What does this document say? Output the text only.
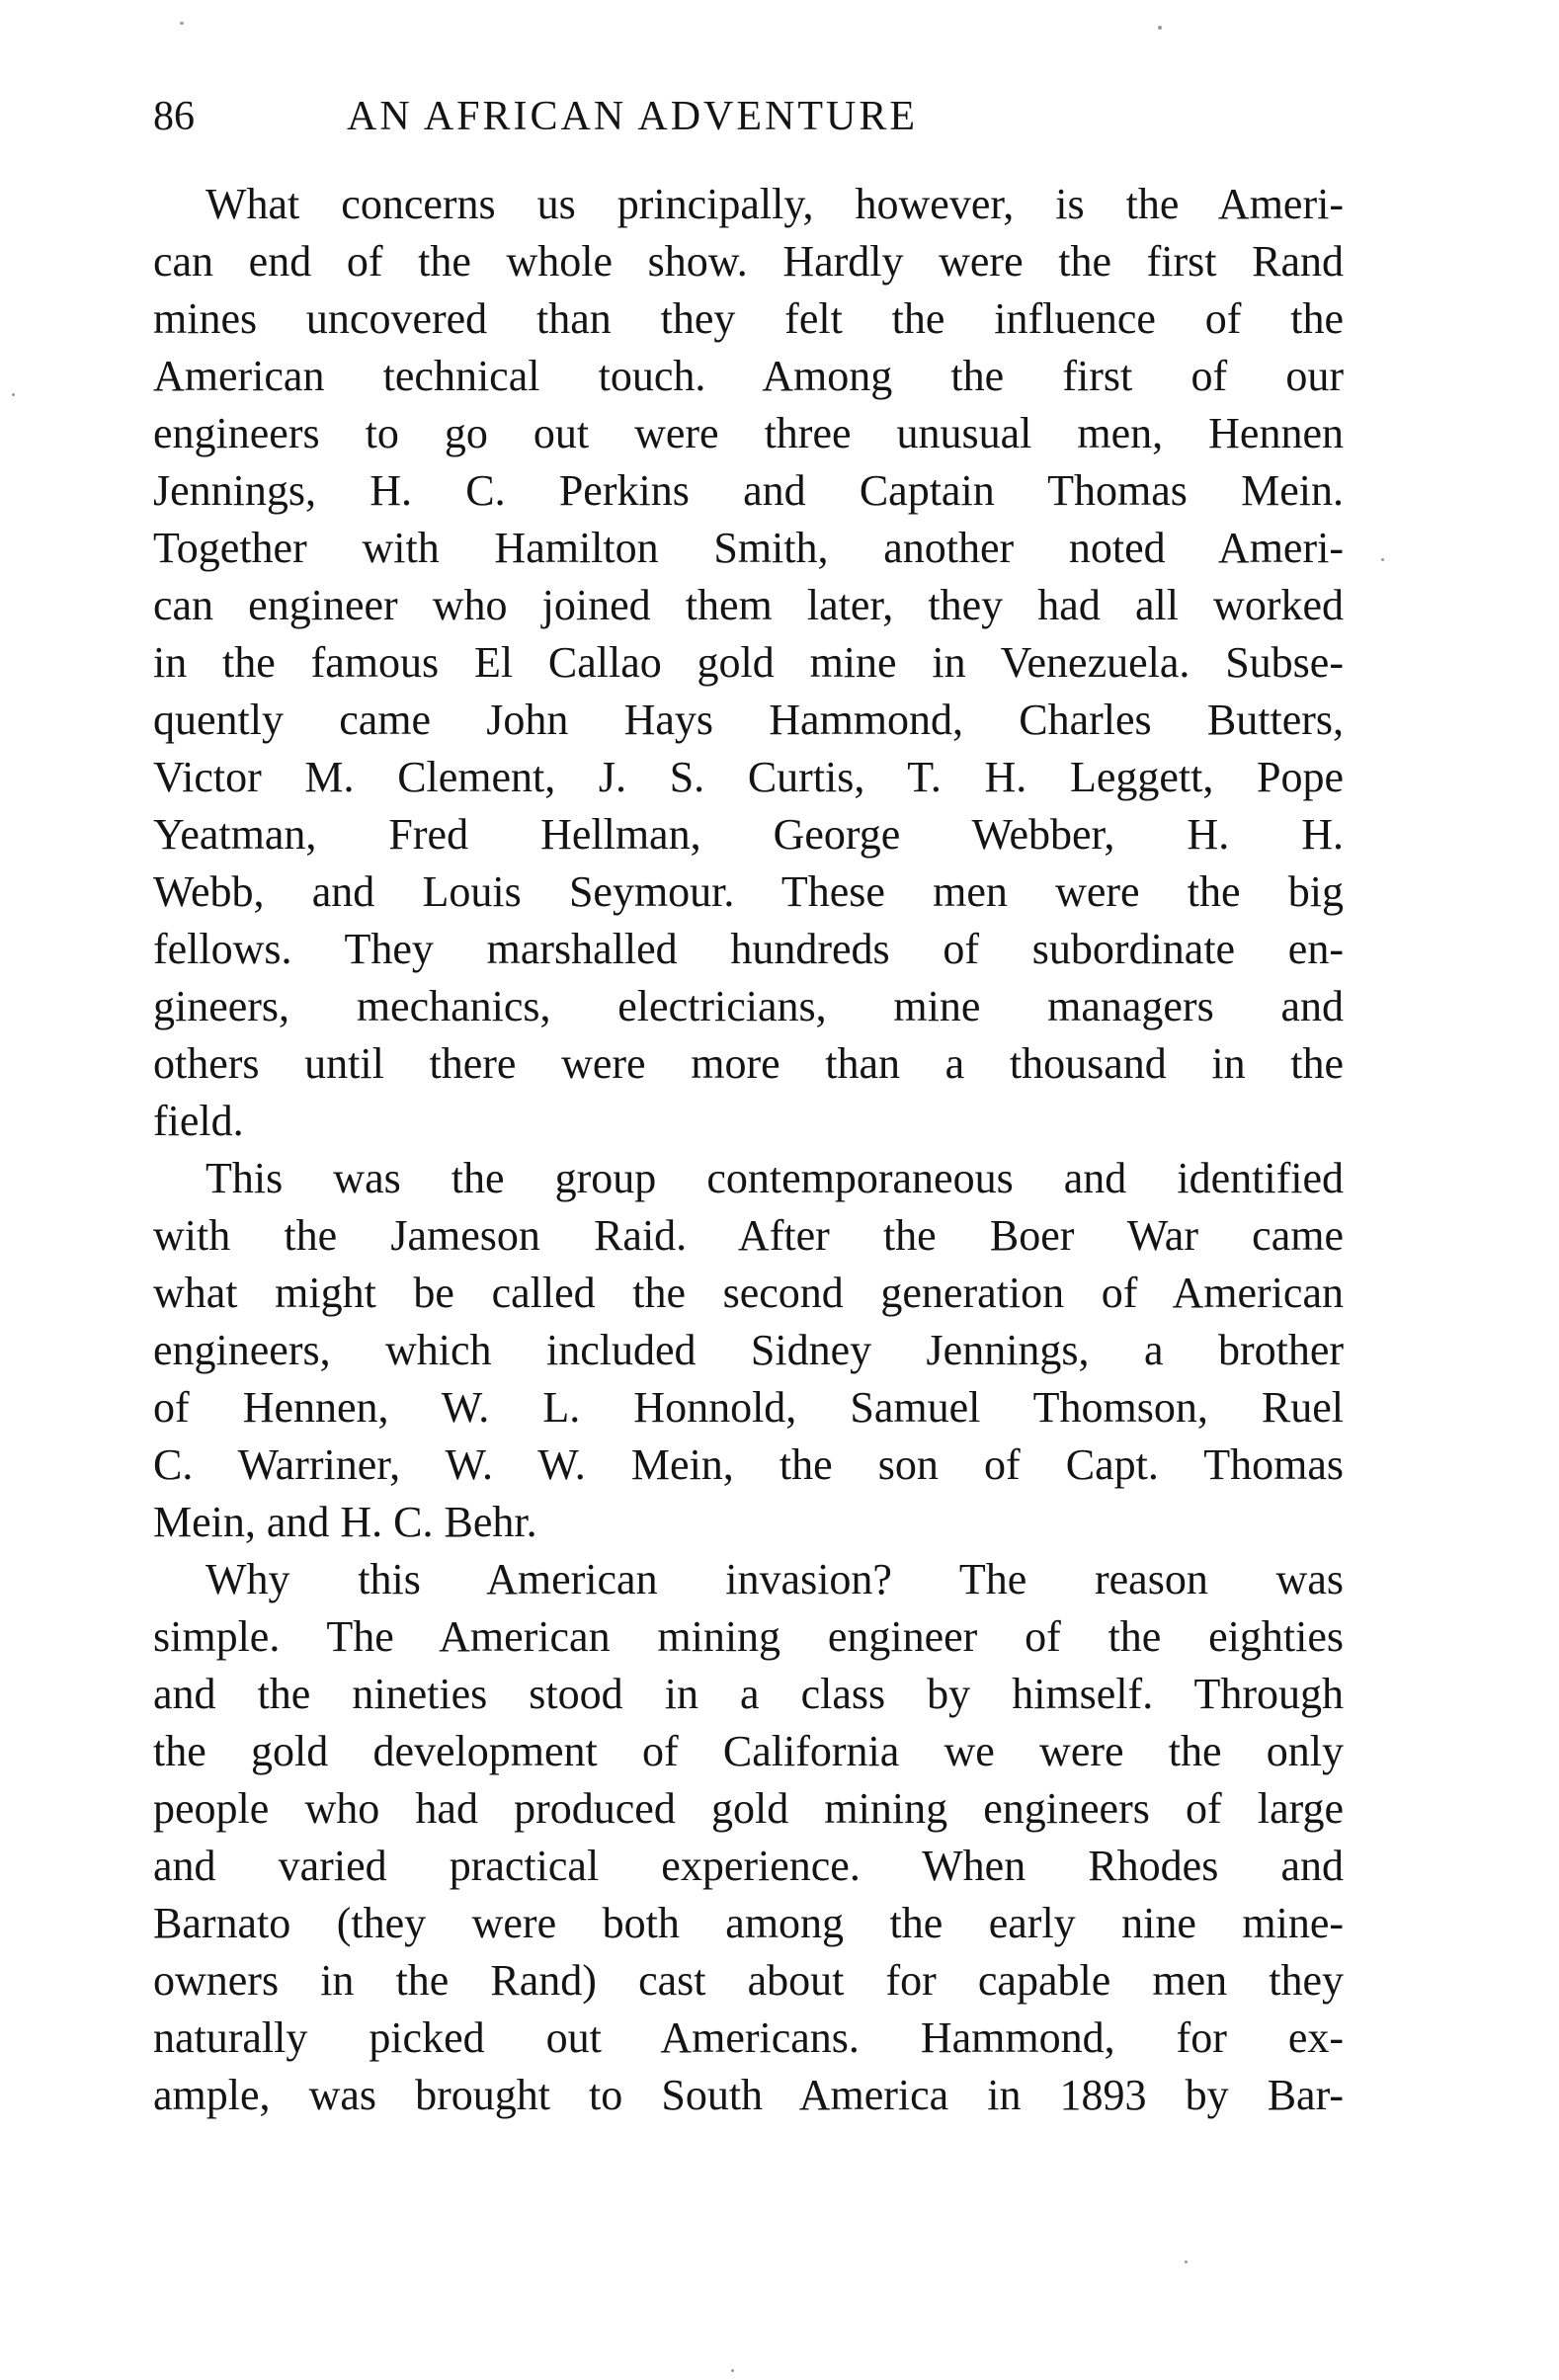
86	AN AFRICAN ADVENTURE

What concerns us principally, however, is the Ameri-
can end of the whole show. Hardly were the first Rand
mines uncovered than they felt the influence of the
American technical touch. Among the first of our
engineers to go out were three unusual men, Hennen
Jennings, H. C. Perkins and Captain Thomas Mein.
Together with Hamilton Smith, another noted Ameri-
can engineer who joined them later, they had all worked
in the famous El Callao gold mine in Venezuela. Subse-
quently came John Hays Hammond, Charles Butters,
Victor M. Clement, J. S. Curtis, T. H. Leggett, Pope
Yeatman, Fred Hellman, George Webber, H. H.
Webb, and Louis Seymour. These men were the big
fellows. They marshalled hundreds of subordinate en-
gineers, mechanics, electricians, mine managers and
others until there were more than a thousand in the
field.

This was the group contemporaneous and identified
with the Jameson Raid. After the Boer War came
what might be called the second generation of American
engineers, which included Sidney Jennings, a brother
of Hennen, W. L. Honnold, Samuel Thomson, Ruel
C. Warriner, W. W. Mein, the son of Capt. Thomas
Mein, and H. C. Behr.

Why this American invasion? The reason was
simple. The American mining engineer of the eighties
and the nineties stood in a class by himself. Through
the gold development of California we were the only
people who had produced gold mining engineers of large
and varied practical experience. When Rhodes and
Barnato (they were both among the early nine mine-
owners in the Rand) cast about for capable men they
naturally picked out Americans. Hammond, for ex-
ample, was brought to South America in 1893 by Bar-
